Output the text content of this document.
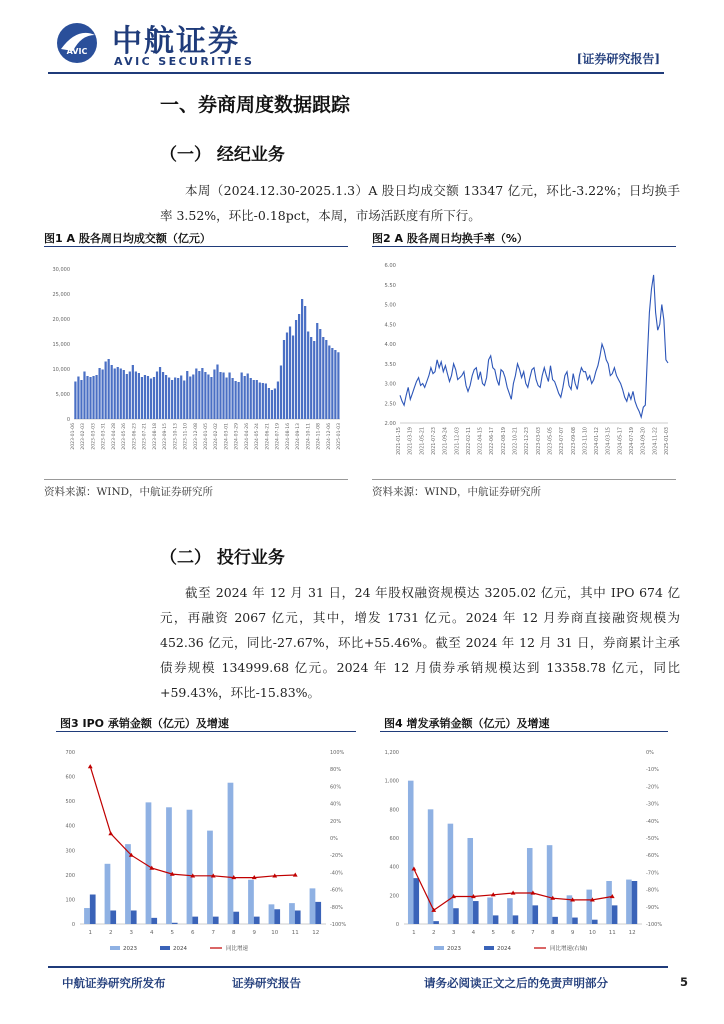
AVIC 中航证券
AVIC SECURITIES	[证券研究报告]
一、券商周度数据跟踪
（一） 经纪业务
本周（2024.12.30-2025.1.3）A 股日均成交额 13347 亿元，环比-3.22%；日均换手率 3.52%，环比-0.18pct，本周，市场活跃度有所下行。
图1 A 股各周日均成交额（亿元）
0
5,000
10,000
15,000
20,000
25,000
30,000
2023-01-06 2023-02-03 2023-03-03 2023-03-31 2023-04-28 2023-05-26 2023-06-23 2023-07-21 2023-08-18 2023-09-15 2023-10-13 2023-11-10 2023-12-08 2024-01-05 2024-02-02 2024-03-01 2024-03-29 2024-04-26 2024-05-24 2024-06-21 2024-07-19 2024-08-16 2024-09-13 2024-10-11 2024-11-08 2024-12-06 2025-01-03
资料来源：WIND，中航证券研究所
图2 A 股各周日均换手率（%）
2.00
2.50
3.00
3.50
4.00
4.50
5.00
5.50
6.00
2021-01-15 2021-03-19 2021-05-21 2021-07-23 2021-09-24 2021-12-03 2022-02-11 2022-04-15 2022-06-17 2022-08-19 2022-10-21 2022-12-23 2023-03-03 2023-05-05 2023-07-07 2023-09-08 2023-11-10 2024-01-12 2024-03-15 2024-05-17 2024-07-19 2024-09-20 2024-11-22 2025-01-03
资料来源：WIND，中航证券研究所
（二） 投行业务
截至 2024 年 12 月 31 日，24 年股权融资规模达 3205.02 亿元，其中 IPO 674 亿元，再融资 2067 亿元，其中，增发 1731 亿元。2024 年 12 月券商直接融资规模为 452.36 亿元，同比-27.67%，环比+55.46%。截至 2024 年 12 月 31 日，券商累计主承债券规模 134999.68 亿元。2024 年 12 月债券承销规模达到 13358.78 亿元，同比+59.43%，环比-15.83%。
图3 IPO 承销金额（亿元）及增速
0
100
200
300
400
500
600
700
-100%
-80%
-60%
-40%
-20%
0%
20%
40%
60%
80%
100%
1	2	3	4	5	6	7	8	9	10 11 12
2023	2024	同比增速
图4 增发承销金额（亿元）及增速
0
200
400
600
800
1,000
1,200
-100%
-90%
-80%
-70%
-60%
-50%
-40%
-30%
-20%
-10%
0%
1	2	3	4	5	6	7	8	9	10 11 12
2023	2024	同比增速(右轴)
中航证券研究所发布	证券研究报告	请务必阅读正文之后的免责声明部分	5
